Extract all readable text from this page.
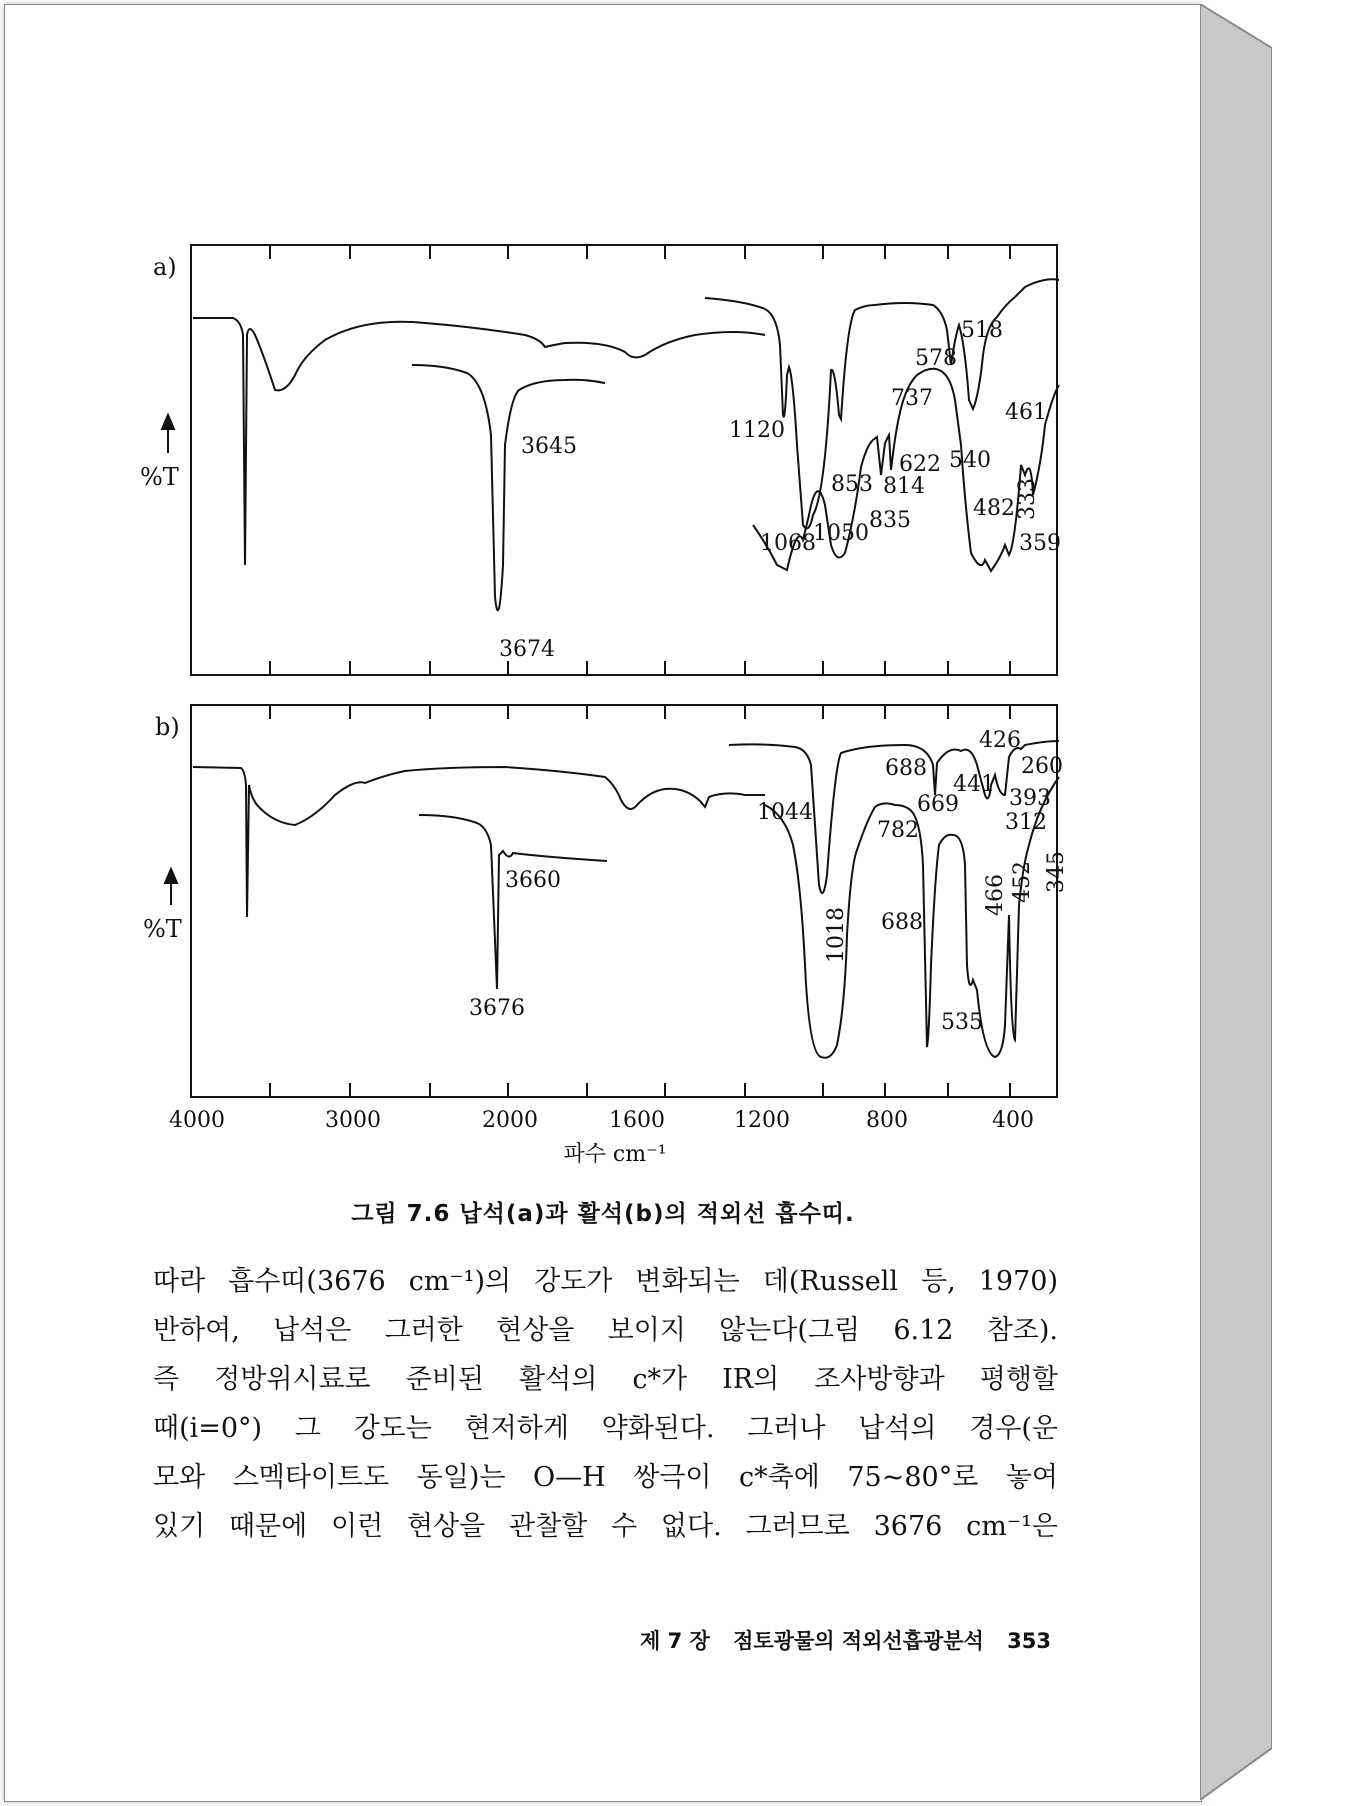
a)
%T
3674
3645
1120
1068
1050
853
835
814
737
622
578
540
518
482
461
359
333
b)
%T
3676
3660
1044
1018
782
688
669
688
535
466 452
441
426
393
312
345
260
4000	3000	2000	1600	1200	800	400
파수 cm⁻¹
그림 7.6 납석(a)과 활석(b)의 적외선 흡수띠.
따라 흡수띠(3676 cm⁻¹)의 강도가 변화되는 데(Russell 등, 1970)
반하여, 납석은 그러한 현상을 보이지 않는다(그림 6.12 참조).
즉 정방위시료로 준비된 활석의 c*가 IR의 조사방향과 평행할
때(i=0°) 그 강도는 현저하게 약화된다. 그러나 납석의 경우(운
모와 스멕타이트도 동일)는 O—H 쌍극이 c*축에 75~80°로 놓여
있기 때문에 이런 현상을 관찰할 수 없다. 그러므로 3676 cm⁻¹은
제 7 장 점토광물의 적외선흡광분석 353
